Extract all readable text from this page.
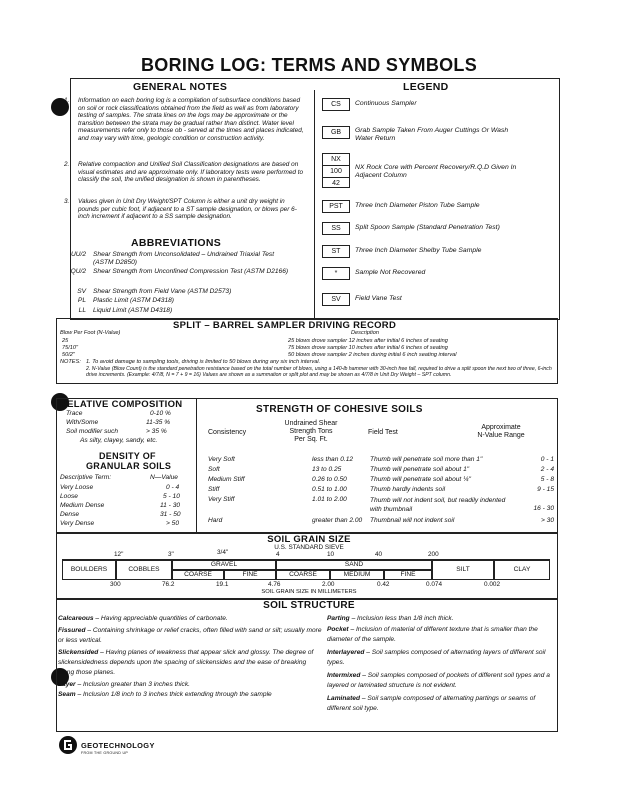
BORING LOG: TERMS AND SYMBOLS
GENERAL NOTES	LEGEND
1.	Information on each boring log is a compilation of subsurface conditions based on soil or rock classifications obtained from the field as well as from laboratory testing of samples. The strata lines on the logs may be approximate or the transition between the strata may be gradual rather than distinct. Water level measurements refer only to those ob - served at the times and places indicated, and may vary with time, geologic condition or construction activity.
2.	Relative compaction and Unified Soil Classification designations are based on visual estimates and are approximate only. If laboratory tests were performed to classify the soil, the unified designation is shown in parentheses.
3.	Values given in Unit Dry Weight/SPT Column is either a unit dry weight in pounds per cubic foot, if adjacent to a ST sample designation, or blows per 6-inch increment if adjacent to a SS sample designation.
ABBREVIATIONS
UU/2 Shear Strength from Unconsolidated – Undrained Triaxial Test (ASTM D2850)
QU/2 Shear Strength from Unconfined Compression Test (ASTM D2166)
SV Shear Strength from Field Vane (ASTM D2573)
PL Plastic Limit (ASTM D4318)
LL Liquid Limit (ASTM D4318)
CS	Continuous Sampler
GB	Grab Sample Taken From Auger Cuttings Or Wash Water Return
NX
100
42
NX Rock Core with Percent Recovery/R.Q.D Given In Adjacent Column
PST	Three Inch Diameter Piston Tube Sample
SS	Split Spoon Sample (Standard Penetration Test)
ST	Three Inch Diameter Shelby Tube Sample
*	Sample Not Recovered
SV	Field Vane Test
SPLIT – BARREL SAMPLER DRIVING RECORD
Blow Per Foot (N-Value)	Description
25	25 blows drove sampler 12 inches after initial 6 inches of seating
75/10"	75 blows drove sampler 10 inches after initial 6 inches of seating
50/2"	50 blows drove sampler 2 inches during initial 6 inch seating interval
NOTES: 1. To avoid damage to sampling tools, driving is limited to 50 blows during any six inch interval.
2. N-Value (Blow Count) is the standard penetration resistance based on the total number of blows, using a 140-lb hammer with 30-inch free fall, required to drive a split spoon the next two of three, 6-inch drive increments. (Example: 4/7/8, N = 7 + 9 = 16) Values are shown as a summation or split plot and may be shown as 4/7/8 in Unit Dry Weight – SPT column.
RELATIVE COMPOSITION
Trace	0-10 %
With/Some	11-35 %
Soil modifier such	> 35 %
As silty, clayey, sandy, etc.
DENSITY OF
GRANULAR SOILS
Descriptive Term:	N—Value
Very Loose	0 - 4
Loose	5 - 10
Medium Dense	11 - 30
Dense	31 - 50
Very Dense	> 50
STRENGTH OF COHESIVE SOILS
Consistency
Undrained Shear
Strength Tons
Per Sq. Ft.
Field Test
Approximate
N-Value Range
Very Soft	less than 0.12	Thumb will penetrate soil more than 1"	0 - 1
Soft	13 to 0.25	Thumb will penetrate soil about 1"	2 - 4
Medium Stiff	0.26 to 0.50	Thumb will penetrate soil about ¼"	5 - 8
Stiff	0.51 to 1.00	Thumb hardly indents soil	9 - 15
Very Stiff	1.01 to 2.00	Thumb will not indent soil, but readily indented with thumbnail	16 - 30
Hard	greater than 2.00 Thumbnail will not indent soil	> 30
SOIL GRAIN SIZE
U.S. STANDARD SIEVE
12"	3"	3/4"	4	10	40	200
BOULDERS	COBBLES
GRAVEL
COARSE	FINE
SAND
COARSE	MEDIUM	FINE
SILT	CLAY
300	76.2	19.1	4.76	2.00	0.42	0.074	0.002
SOIL GRAIN SIZE IN MILLIMETERS
SOIL STRUCTURE
Calcareous – Having appreciable quantities of carbonate.
Fissured – Containing shrinkage or relief cracks, often filled with sand or silt; usually more or less vertical.
Slickensided – Having planes of weakness that appear slick and glossy. The degree of slickensidedness depends upon the spacing of slickensides and the ease of breaking along those planes.
Layer – Inclusion greater than 3 inches thick.
Seam – Inclusion 1/8 inch to 3 inches thick extending through the sample
Parting – Inclusion less than 1/8 inch thick.
Pocket – Inclusion of material of different texture that is smaller than the diameter of the sample.
Interlayered – Soil samples composed of alternating layers of different soil types.
Intermixed – Soil samples composed of pockets of different soil types and a layered or laminated structure is not evident.
Laminated – Soil sample composed of alternating partings or seams of different soil type.
GEOTECHNOLOGY
FROM THE GROUND UP
